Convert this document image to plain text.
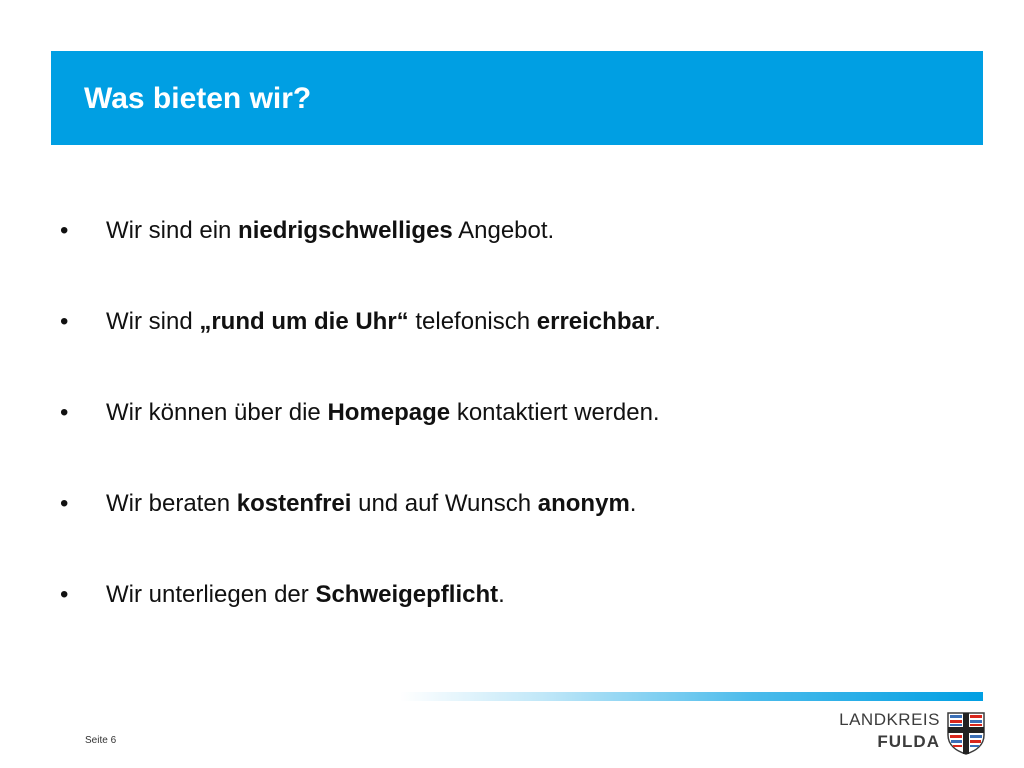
Was bieten wir?
•	Wir sind ein niedrigschwelliges Angebot.
•	Wir sind „rund um die Uhr“ telefonisch erreichbar.
•	Wir können über die Homepage kontaktiert werden.
•	Wir beraten kostenfrei und auf Wunsch anonym.
•	Wir unterliegen der Schweigepflicht.
Seite 6
LANDKREIS
FULDA
